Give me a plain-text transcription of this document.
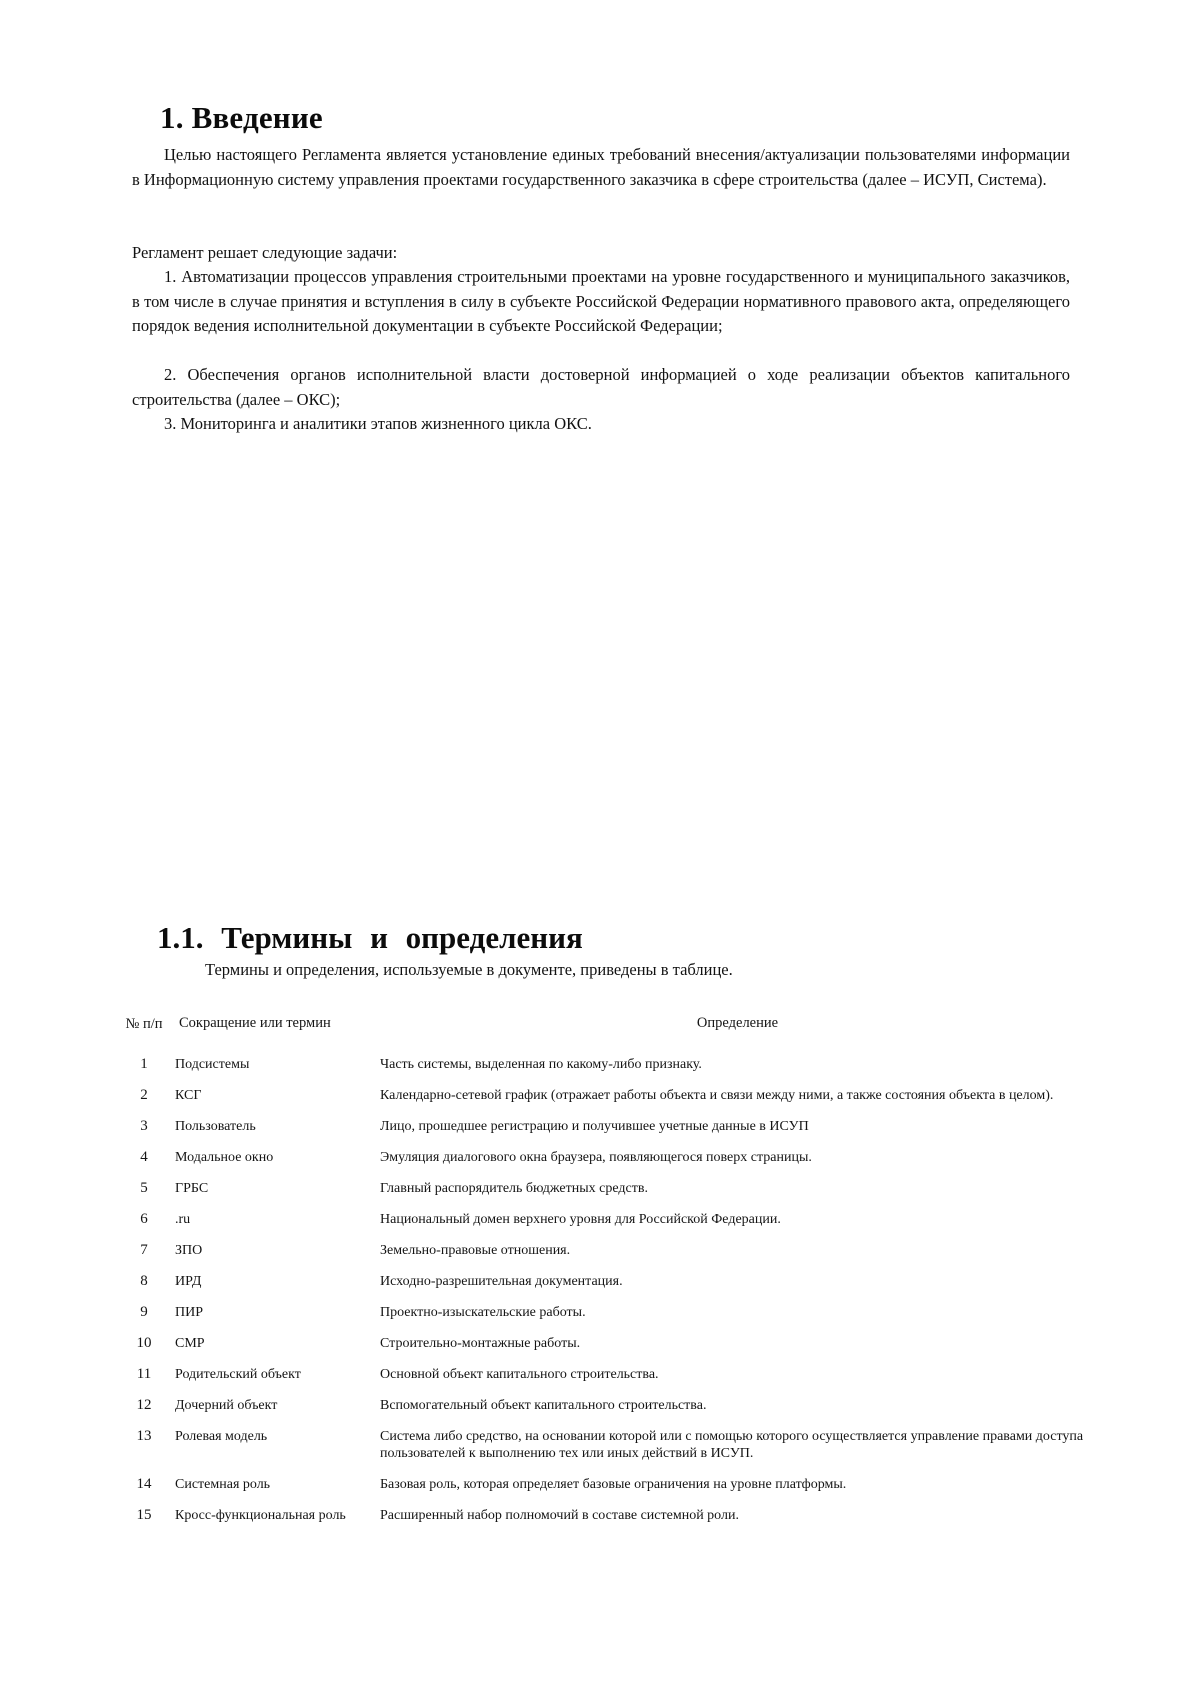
1. Введение

Целью настоящего Регламента является установление единых требований внесения/актуализации пользователями информации в Информационную систему управления проектами государственного заказчика в сфере строительства (далее – ИСУП, Система).

Регламент решает следующие задачи:

1. Автоматизации процессов управления строительными проектами на уровне государственного и муниципального заказчиков, в том числе в случае принятия и вступления в силу в субъекте Российской Федерации нормативного правового акта, определяющего порядок ведения исполнительной документации в субъекте Российской Федерации;

2. Обеспечения органов исполнительной власти достоверной информацией о ходе реализации объектов капитального строительства (далее – ОКС);

3. Мониторинга и аналитики этапов жизненного цикла ОКС.

1.1. Термины и определения

Термины и определения, используемые в документе, приведены в таблице.

№ п/п	Сокращение или термин	Определение
1	Подсистемы	Часть системы, выделенная по какому-либо признаку.
2	КСГ	Календарно-сетевой график (отражает работы объекта и связи между ними, а также состояния объекта в целом).
3	Пользователь	Лицо, прошедшее регистрацию и получившее учетные данные в ИСУП
4	Модальное окно	Эмуляция диалогового окна браузера, появляющегося поверх страницы.
5	ГРБС	Главный распорядитель бюджетных средств.
6	.ru	Национальный домен верхнего уровня для Российской Федерации.
7	ЗПО	Земельно-правовые отношения.
8	ИРД	Исходно-разрешительная документация.
9	ПИР	Проектно-изыскательские работы.
10	СМР	Строительно-монтажные работы.
11	Родительский объект	Основной объект капитального строительства.
12	Дочерний объект	Вспомогательный объект капитального строительства.
13	Ролевая модель	Система либо средство, на основании которой или с помощью которого осуществляется управление правами доступа пользователей к выполнению тех или иных действий в ИСУП.
14	Системная роль	Базовая роль, которая определяет базовые ограничения на уровне платформы.
15	Кросс-функциональная роль	Расширенный набор полномочий в составе системной роли.
